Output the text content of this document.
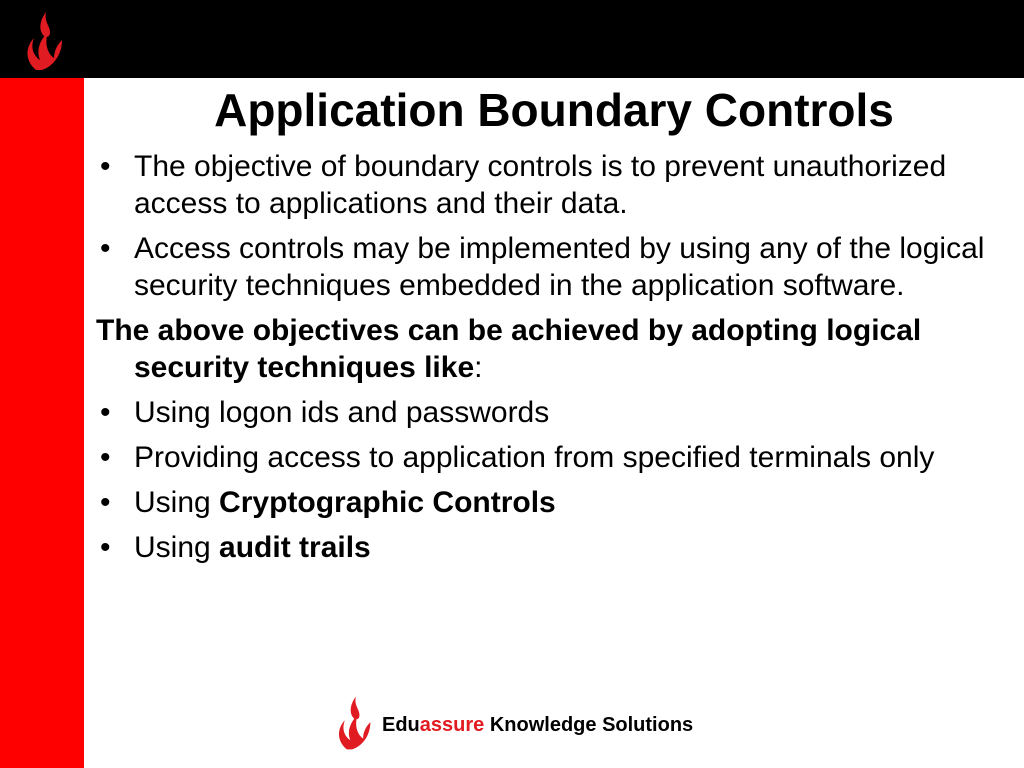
Application Boundary Controls
• The objective of boundary controls is to prevent unauthorized access to applications and their data.
• Access controls may be implemented by using any of the logical security techniques embedded in the application software.
The above objectives can be achieved by adopting logical security techniques like:
• Using logon ids and passwords
• Providing access to application from specified terminals only
• Using Cryptographic Controls
• Using audit trails
Eduassure Knowledge Solutions
